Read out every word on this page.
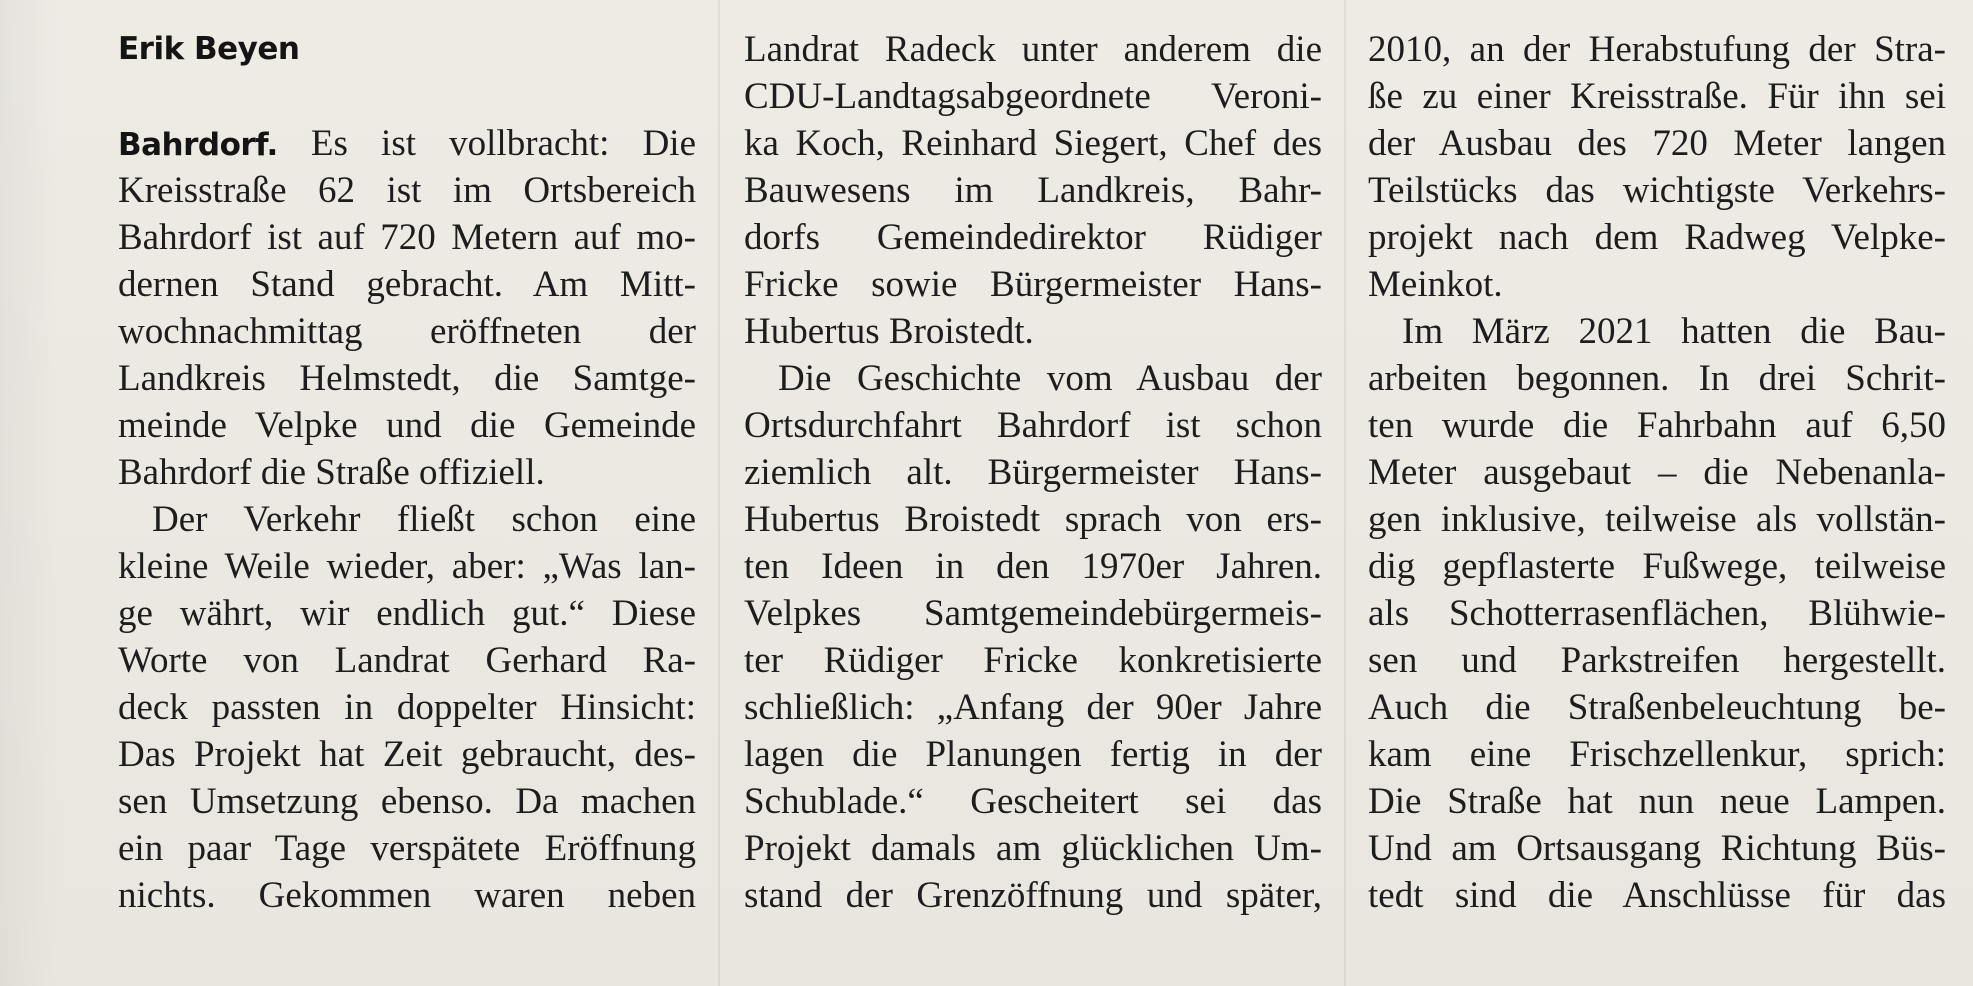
Erik Beyen
Bahrdorf. Es ist vollbracht: Die
Kreisstraße 62 ist im Ortsbereich
Bahrdorf ist auf 720 Metern auf mo-
dernen Stand gebracht. Am Mitt-
wochnachmittag eröffneten der
Landkreis Helmstedt, die Samtge-
meinde Velpke und die Gemeinde
Bahrdorf die Straße offiziell.
Der Verkehr fließt schon eine
kleine Weile wieder, aber: „Was lan-
ge währt, wir endlich gut.“ Diese
Worte von Landrat Gerhard Ra-
deck passten in doppelter Hinsicht:
Das Projekt hat Zeit gebraucht, des-
sen Umsetzung ebenso. Da machen
ein paar Tage verspätete Eröffnung
nichts. Gekommen waren neben
Landrat Radeck unter anderem die
CDU-Landtagsabgeordnete Veroni-
ka Koch, Reinhard Siegert, Chef des
Bauwesens im Landkreis, Bahr-
dorfs Gemeindedirektor Rüdiger
Fricke sowie Bürgermeister Hans-
Hubertus Broistedt.
Die Geschichte vom Ausbau der
Ortsdurchfahrt Bahrdorf ist schon
ziemlich alt. Bürgermeister Hans-
Hubertus Broistedt sprach von ers-
ten Ideen in den 1970er Jahren.
Velpkes Samtgemeindebürgermeis-
ter Rüdiger Fricke konkretisierte
schließlich: „Anfang der 90er Jahre
lagen die Planungen fertig in der
Schublade.“ Gescheitert sei das
Projekt damals am glücklichen Um-
stand der Grenzöffnung und später,
2010, an der Herabstufung der Stra-
ße zu einer Kreisstraße. Für ihn sei
der Ausbau des 720 Meter langen
Teilstücks das wichtigste Verkehrs-
projekt nach dem Radweg Velpke-
Meinkot.
Im März 2021 hatten die Bau-
arbeiten begonnen. In drei Schrit-
ten wurde die Fahrbahn auf 6,50
Meter ausgebaut – die Nebenanla-
gen inklusive, teilweise als vollstän-
dig gepflasterte Fußwege, teilweise
als Schotterrasenflächen, Blühwie-
sen und Parkstreifen hergestellt.
Auch die Straßenbeleuchtung be-
kam eine Frischzellenkur, sprich:
Die Straße hat nun neue Lampen.
Und am Ortsausgang Richtung Büs-
tedt sind die Anschlüsse für das
